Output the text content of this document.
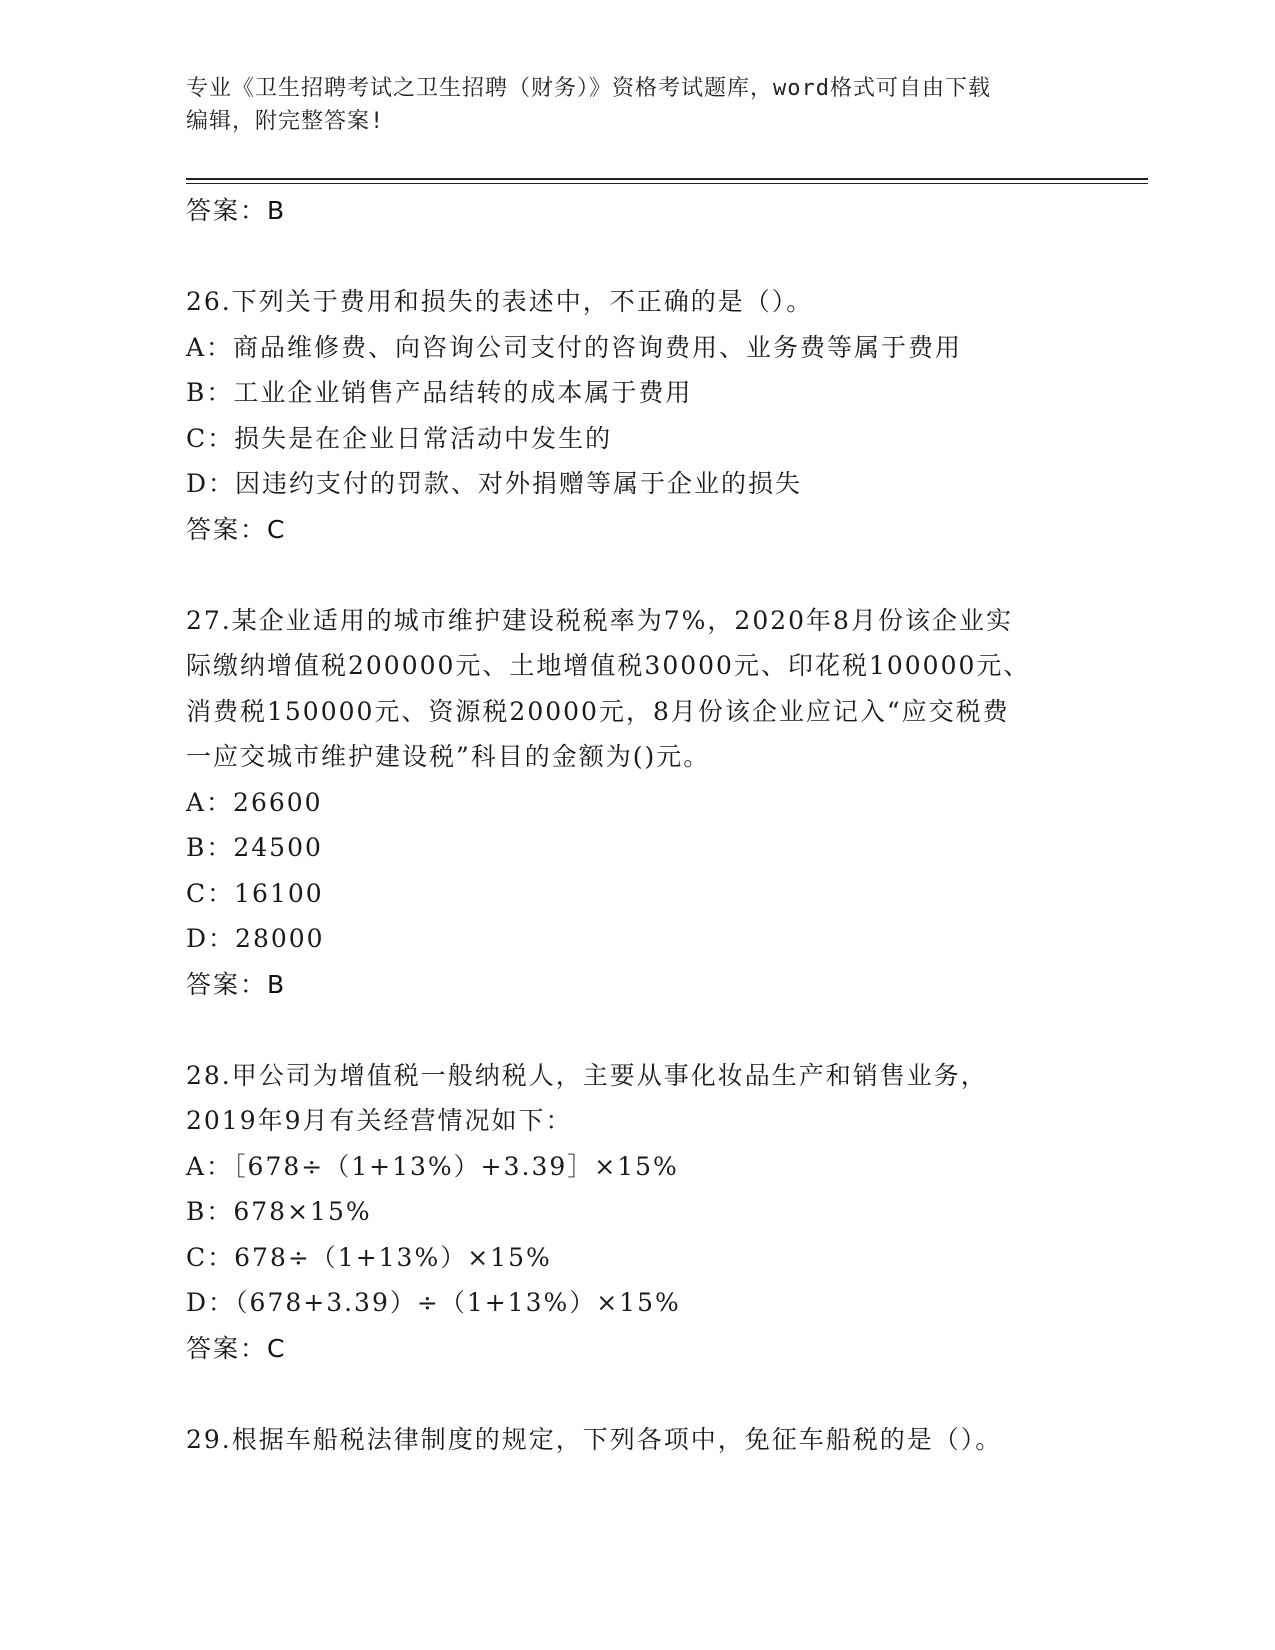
专业《卫生招聘考试之卫生招聘（财务）》资格考试题库，word格式可自由下载
编辑，附完整答案!
答案：B
26.下列关于费用和损失的表述中，不正确的是（）。
A：商品维修费、向咨询公司支付的咨询费用、业务费等属于费用
B：工业企业销售产品结转的成本属于费用
C：损失是在企业日常活动中发生的
D：因违约支付的罚款、对外捐赠等属于企业的损失
答案：C
27.某企业适用的城市维护建设税税率为7%，2020年8月份该企业实
际缴纳增值税200000元、土地增值税30000元、印花税100000元、
消费税150000元、资源税20000元，8月份该企业应记入“应交税费
一应交城市维护建设税”科目的金额为()元。
A：26600
B：24500
C：16100
D：28000
答案：B
28.甲公司为增值税一般纳税人，主要从事化妆品生产和销售业务，
2019年9月有关经营情况如下：
A：［678÷（1+13%）+3.39］×15%
B：678×15%
C：678÷（1+13%）×15%
D：（678+3.39）÷（1+13%）×15%
答案：C
29.根据车船税法律制度的规定，下列各项中，免征车船税的是（）。
